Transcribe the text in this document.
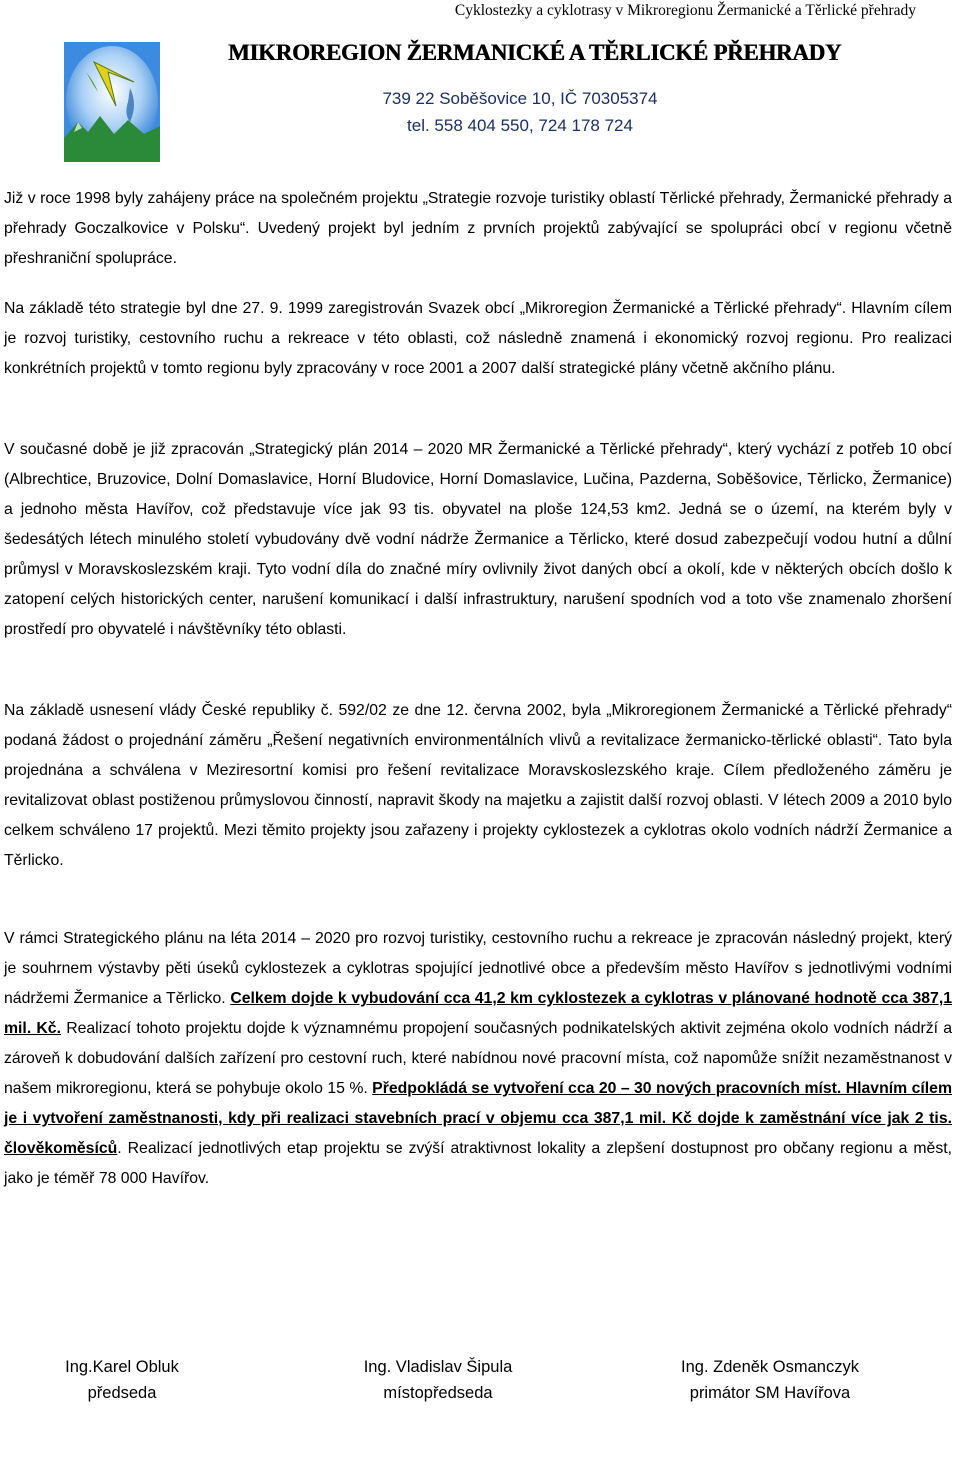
Cyklostezky a cyklotrasy v Mikroregionu Žermanické a Těrlické přehrady
MIKROREGION ŽERMANICKÉ A TĚRLICKÉ PŘEHRADY
739 22 Soběšovice 10, IČ 70305374
tel. 558 404 550, 724 178 724
Již v roce 1998 byly zahájeny práce na společném projektu „Strategie rozvoje turistiky oblastí Těrlické přehrady, Žermanické přehrady a přehrady Goczalkovice v Polsku“. Uvedený projekt byl jedním z prvních projektů zabývající se spolupráci obcí v regionu včetně přeshraniční spolupráce.
Na základě této strategie byl dne 27. 9. 1999 zaregistrován Svazek obcí „Mikroregion Žermanické a Těrlické přehrady“. Hlavním cílem je rozvoj turistiky, cestovního ruchu a rekreace v této oblasti, což následně znamená i ekonomický rozvoj regionu. Pro realizaci konkrétních projektů v tomto regionu byly zpracovány v roce 2001 a 2007 další strategické plány včetně akčního plánu.
V současné době je již zpracován „Strategický plán 2014 – 2020 MR Žermanické a Těrlické přehrady“, který vychází z potřeb 10 obcí (Albrechtice, Bruzovice, Dolní Domaslavice, Horní Bludovice, Horní Domaslavice, Lučina, Pazderna, Soběšovice, Těrlicko, Žermanice) a jednoho města Havířov, což představuje více jak 93 tis. obyvatel na ploše 124,53 km2. Jedná se o území, na kterém byly v šedesátých létech minulého století vybudovány dvě vodní nádrže Žermanice a Těrlicko, které dosud zabezpečují vodou hutní a důlní průmysl v Moravskoslezském kraji. Tyto vodní díla do značné míry ovlivnily život daných obcí a okolí, kde v některých obcích došlo k zatopení celých historických center, narušení komunikací i další infrastruktury, narušení spodních vod a toto vše znamenalo zhoršení prostředí pro obyvatelé i návštěvníky této oblasti.
Na základě usnesení vlády České republiky č. 592/02 ze dne 12. června 2002, byla „Mikroregionem Žermanické a Těrlické přehrady“ podaná žádost o projednání záměru „Řešení negativních environmentálních vlivů a revitalizace žermanicko-těrlické oblasti“. Tato byla projednána a schválena v Meziresortní komisi pro řešení revitalizace Moravskoslezského kraje. Cílem předloženého záměru je revitalizovat oblast postiženou průmyslovou činností, napravit škody na majetku a zajistit další rozvoj oblasti. V létech 2009 a 2010 bylo celkem schváleno 17 projektů. Mezi těmito projekty jsou zařazeny i projekty cyklostezek a cyklotras okolo vodních nádrží Žermanice a Těrlicko.
V rámci Strategického plánu na léta 2014 – 2020 pro rozvoj turistiky, cestovního ruchu a rekreace je zpracován následný projekt, který je souhrnem výstavby pěti úseků cyklostezek a cyklotras spojující jednotlivé obce a především město Havířov s jednotlivými vodními nádržemi Žermanice a Těrlicko. Celkem dojde k vybudování cca 41,2 km cyklostezek a cyklotras v plánované hodnotě cca 387,1 mil. Kč. Realizací tohoto projektu dojde k významnému propojení současných podnikatelských aktivit zejména okolo vodních nádrží a zároveň k dobudování dalších zařízení pro cestovní ruch, které nabídnou nové pracovní místa, což napomůže snížit nezaměstnanost v našem mikroregionu, která se pohybuje okolo 15 %. Předpokládá se vytvoření cca 20 – 30 nových pracovních míst. Hlavním cílem je i vytvoření zaměstnanosti, kdy při realizaci stavebních prací v objemu cca 387,1 mil. Kč dojde k zaměstnání více jak 2 tis. člověkoměsíců. Realizací jednotlivých etap projektu se zvýší atraktivnost lokality a zlepšení dostupnost pro občany regionu a měst, jako je téměř 78 000 Havířov.
Ing.Karel Obluk
předseda
Ing. Vladislav Šipula
místopředseda
Ing. Zdeněk Osmanczyk
primátor SM Havířova
